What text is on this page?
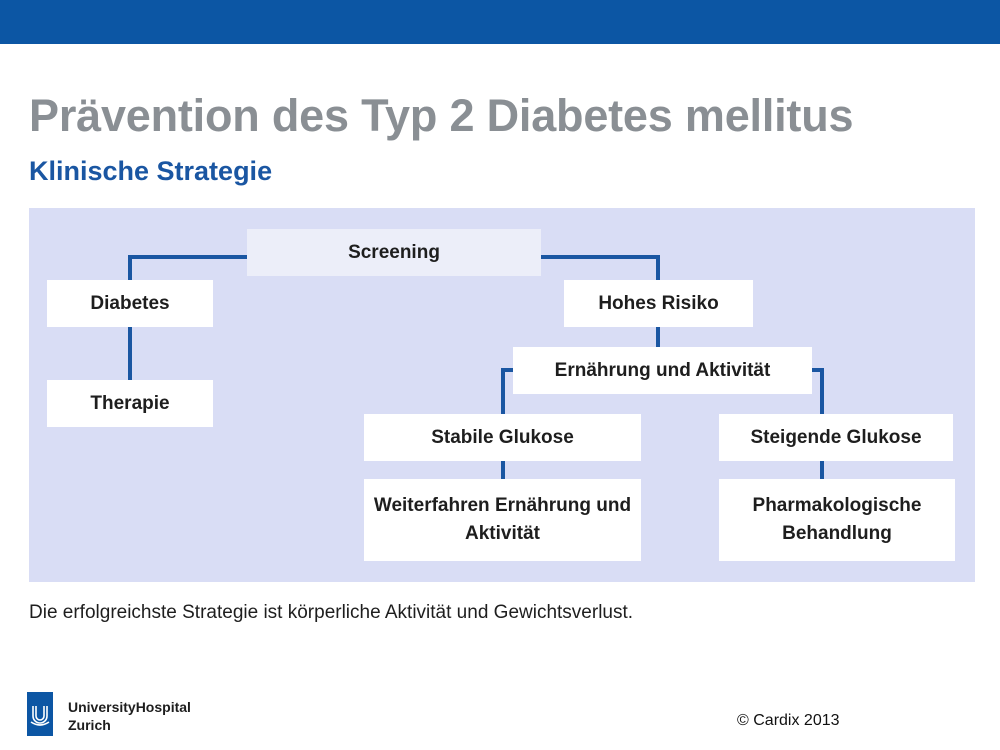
Prävention des Typ 2 Diabetes mellitus
Klinische Strategie
Screening
Diabetes
Therapie
Hohes Risiko
Ernährung und Aktivität
Stabile Glukose	Steigende Glukose
Weiterfahren Ernährung und
Aktivität
Pharmakologische
Behandlung
Die erfolgreichste Strategie ist körperliche Aktivität und Gewichtsverlust.
UniversityHospital
Zurich	© Cardix 2013
